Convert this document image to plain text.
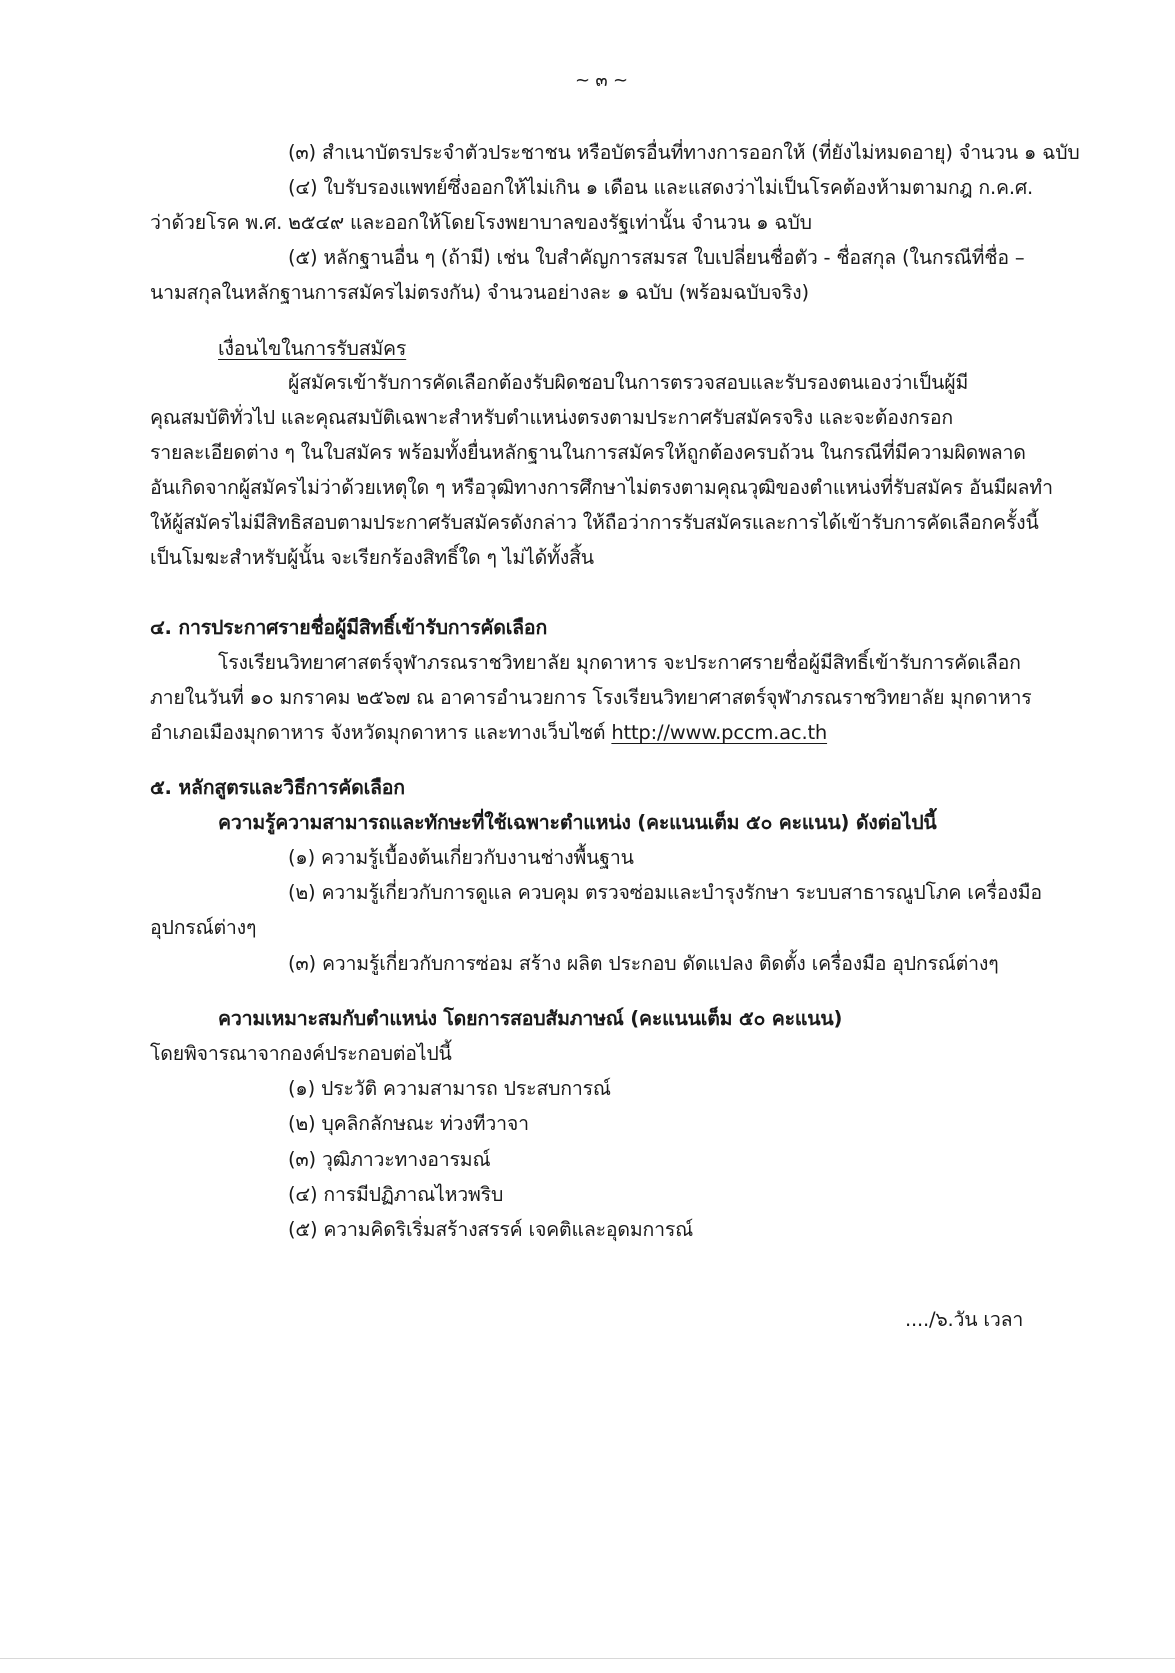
~ ๓ ~
(๓) สำเนาบัตรประจำตัวประชาชน หรือบัตรอื่นที่ทางการออกให้ (ที่ยังไม่หมดอายุ) จำนวน ๑ ฉบับ
(๔) ใบรับรองแพทย์ซึ่งออกให้ไม่เกิน ๑ เดือน และแสดงว่าไม่เป็นโรคต้องห้ามตามกฎ ก.ค.ศ.
ว่าด้วยโรค พ.ศ. ๒๕๔๙ และออกให้โดยโรงพยาบาลของรัฐเท่านั้น จำนวน ๑ ฉบับ
(๕) หลักฐานอื่น ๆ (ถ้ามี) เช่น ใบสำคัญการสมรส ใบเปลี่ยนชื่อตัว - ชื่อสกุล (ในกรณีที่ชื่อ –
นามสกุลในหลักฐานการสมัครไม่ตรงกัน) จำนวนอย่างละ ๑ ฉบับ (พร้อมฉบับจริง)
เงื่อนไขในการรับสมัคร
ผู้สมัครเข้ารับการคัดเลือกต้องรับผิดชอบในการตรวจสอบและรับรองตนเองว่าเป็นผู้มี
คุณสมบัติทั่วไป และคุณสมบัติเฉพาะสำหรับตำแหน่งตรงตามประกาศรับสมัครจริง และจะต้องกรอก
รายละเอียดต่าง ๆ ในใบสมัคร พร้อมทั้งยื่นหลักฐานในการสมัครให้ถูกต้องครบถ้วน ในกรณีที่มีความผิดพลาด
อันเกิดจากผู้สมัครไม่ว่าด้วยเหตุใด ๆ หรือวุฒิทางการศึกษาไม่ตรงตามคุณวุฒิของตำแหน่งที่รับสมัคร อันมีผลทำ
ให้ผู้สมัครไม่มีสิทธิสอบตามประกาศรับสมัครดังกล่าว ให้ถือว่าการรับสมัครและการได้เข้ารับการคัดเลือกครั้งนี้
เป็นโมฆะสำหรับผู้นั้น จะเรียกร้องสิทธิ์ใด ๆ ไม่ได้ทั้งสิ้น
๔. การประกาศรายชื่อผู้มีสิทธิ์เข้ารับการคัดเลือก
โรงเรียนวิทยาศาสตร์จุฬาภรณราชวิทยาลัย มุกดาหาร จะประกาศรายชื่อผู้มีสิทธิ์เข้ารับการคัดเลือก
ภายในวันที่ ๑๐ มกราคม ๒๕๖๗ ณ อาคารอำนวยการ โรงเรียนวิทยาศาสตร์จุฬาภรณราชวิทยาลัย มุกดาหาร
อำเภอเมืองมุกดาหาร จังหวัดมุกดาหาร และทางเว็บไซต์ http://www.pccm.ac.th
๕. หลักสูตรและวิธีการคัดเลือก
ความรู้ความสามารถและทักษะที่ใช้เฉพาะตำแหน่ง (คะแนนเต็ม ๕๐ คะแนน) ดังต่อไปนี้
(๑) ความรู้เบื้องต้นเกี่ยวกับงานช่างพื้นฐาน
(๒) ความรู้เกี่ยวกับการดูแล ควบคุม ตรวจซ่อมและบำรุงรักษา ระบบสาธารณูปโภค เครื่องมือ
อุปกรณ์ต่างๆ
(๓) ความรู้เกี่ยวกับการซ่อม สร้าง ผลิต ประกอบ ดัดแปลง ติดตั้ง เครื่องมือ อุปกรณ์ต่างๆ
ความเหมาะสมกับตำแหน่ง โดยการสอบสัมภาษณ์ (คะแนนเต็ม ๕๐ คะแนน)
โดยพิจารณาจากองค์ประกอบต่อไปนี้
(๑) ประวัติ ความสามารถ ประสบการณ์
(๒) บุคลิกลักษณะ ท่วงทีวาจา
(๓) วุฒิภาวะทางอารมณ์
(๔) การมีปฏิภาณไหวพริบ
(๕) ความคิดริเริ่มสร้างสรรค์ เจคติและอุดมการณ์
..../๖.วัน เวลา
